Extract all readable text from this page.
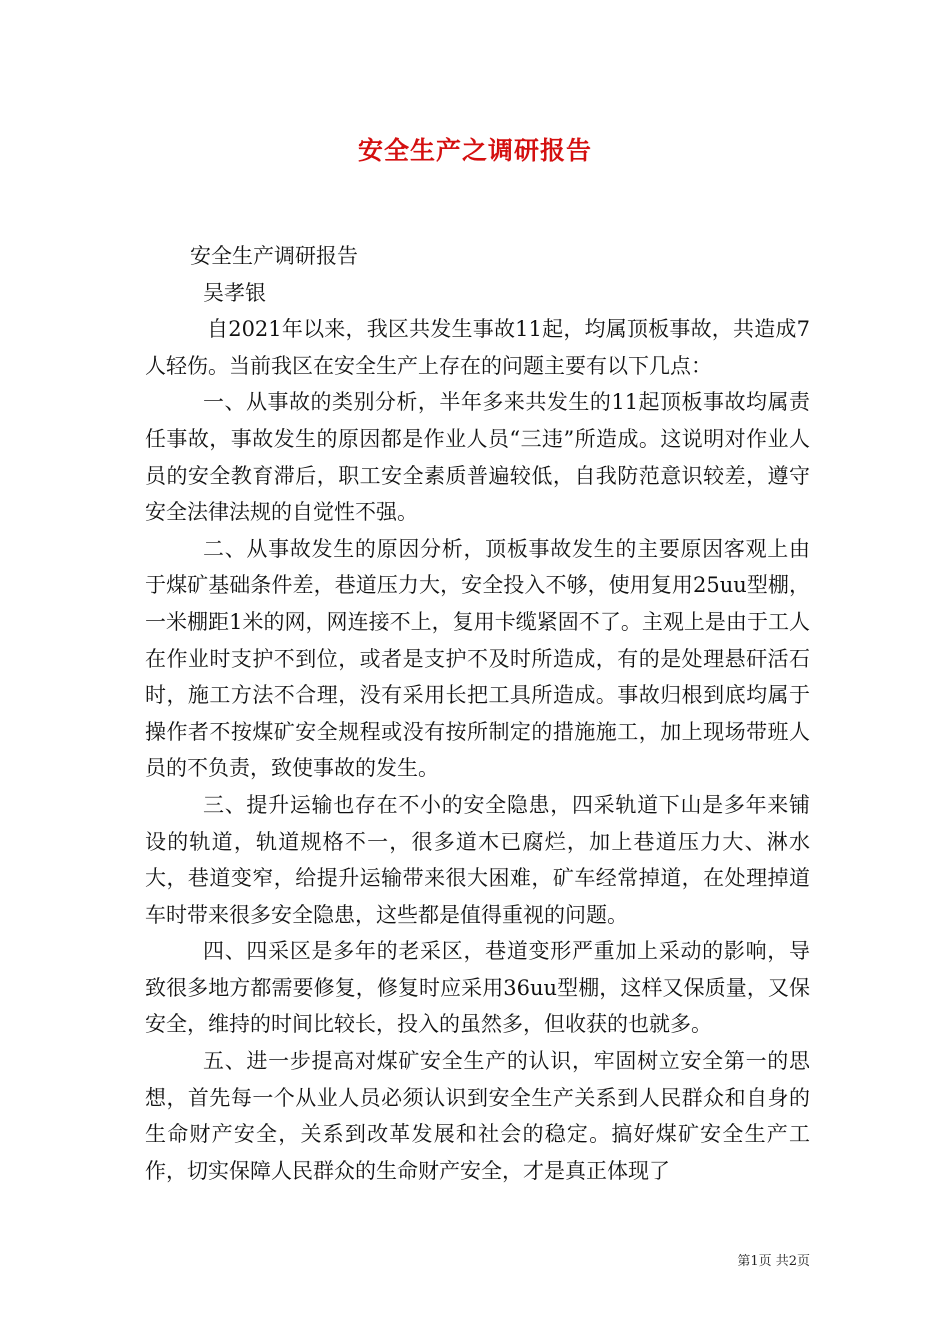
安全生产之调研报告

安全生产调研报告

吴孝银

自2021年以来，我区共发生事故11起，均属顶板事故，共造成7人轻伤。当前我区在安全生产上存在的问题主要有以下几点：

一、从事故的类别分析，半年多来共发生的11起顶板事故均属责任事故，事故发生的原因都是作业人员“三违”所造成。这说明对作业人员的安全教育滞后，职工安全素质普遍较低，自我防范意识较差，遵守安全法律法规的自觉性不强。

二、从事故发生的原因分析，顶板事故发生的主要原因客观上由于煤矿基础条件差，巷道压力大，安全投入不够，使用复用25uu型棚，一米棚距1米的网，网连接不上，复用卡缆紧固不了。主观上是由于工人在作业时支护不到位，或者是支护不及时所造成，有的是处理悬矸活石时，施工方法不合理，没有采用长把工具所造成。事故归根到底均属于操作者不按煤矿安全规程或没有按所制定的措施施工，加上现场带班人员的不负责，致使事故的发生。

三、提升运输也存在不小的安全隐患，四采轨道下山是多年来铺设的轨道，轨道规格不一，很多道木已腐烂，加上巷道压力大、淋水大，巷道变窄，给提升运输带来很大困难，矿车经常掉道，在处理掉道车时带来很多安全隐患，这些都是值得重视的问题。

四、四采区是多年的老采区，巷道变形严重加上采动的影响，导致很多地方都需要修复，修复时应采用36uu型棚，这样又保质量，又保安全，维持的时间比较长，投入的虽然多，但收获的也就多。

五、进一步提高对煤矿安全生产的认识，牢固树立安全第一的思想，首先每一个从业人员必须认识到安全生产关系到人民群众和自身的生命财产安全，关系到改革发展和社会的稳定。搞好煤矿安全生产工作，切实保障人民群众的生命财产安全，才是真正体现了

第1页 共2页
